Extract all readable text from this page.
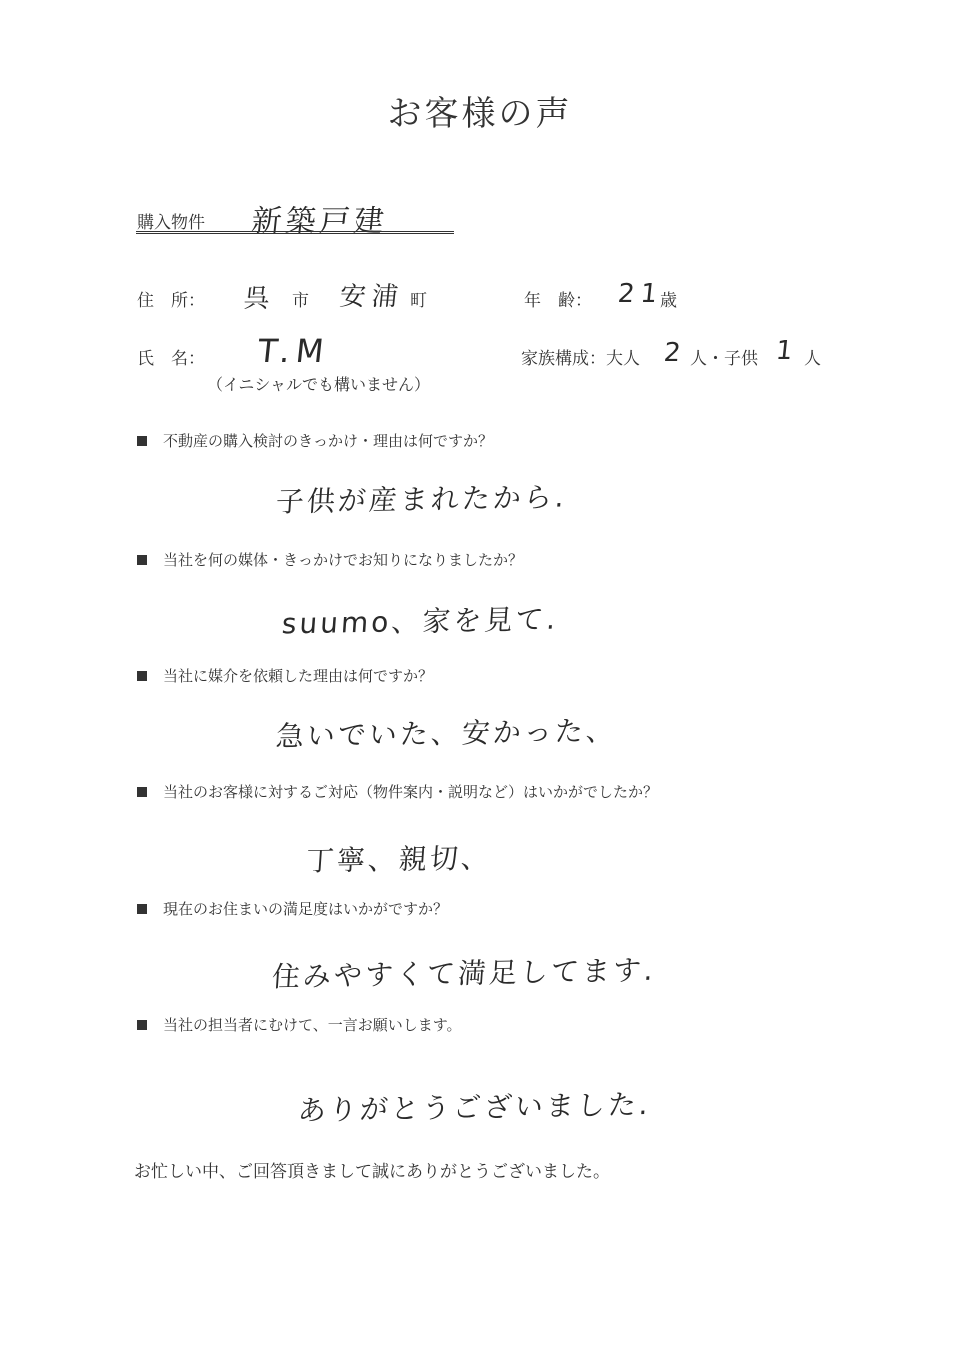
お客様の声
購入物件 新築戸建
住　所： 呉 市 安浦 町	年　齢： 21
歳
氏　名： T.M
（イニシャルでも構いません）
家族構成：大人 2 人・子供 1 人
不動産の購入検討のきっかけ・理由は何ですか？
子供が産まれたから.
当社を何の媒体・きっかけでお知りになりましたか？
suumo、家を見て.
当社に媒介を依頼した理由は何ですか？
急いでいた、安かった、
当社のお客様に対するご対応（物件案内・説明など）はいかがでしたか？
丁寧、親切、
現在のお住まいの満足度はいかがですか？
住みやすくて満足してます.
当社の担当者にむけて、一言お願いします。
ありがとうございました.
お忙しい中、ご回答頂きまして誠にありがとうございました。
